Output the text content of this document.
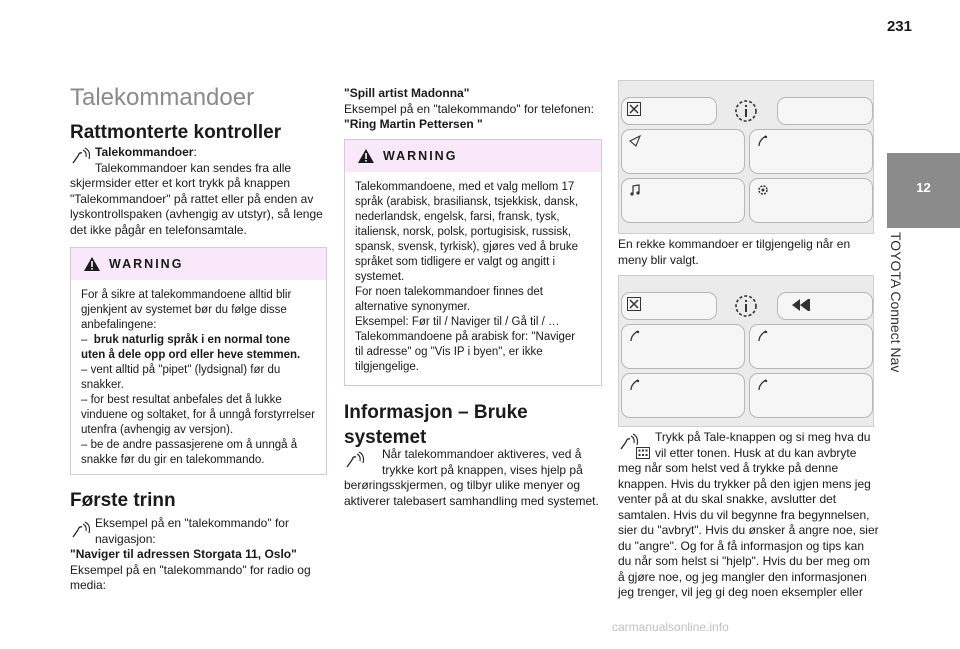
231
12
TOYOTA Connect Nav
Talekommandoer
Rattmonterte kontroller
Talekommandoer:
Talekommandoer kan sendes fra alle
skjermsider etter et kort trykk på knappen
"Talekommandoer" på rattet eller på enden av
lyskontrollspaken (avhengig av utstyr), så lenge
det ikke pågår en telefonsamtale.
WARNING
For å sikre at talekommandoene alltid blir
gjenkjent av systemet bør du følge disse
anbefalingene:
–  bruk naturlig språk i en normal tone
uten å dele opp ord eller heve stemmen.
– vent alltid på "pipet" (lydsignal) før du
snakker.
– for best resultat anbefales det å lukke
vinduene og soltaket, for å unngå forstyrrelser
utenfra (avhengig av versjon).
– be de andre passasjerene om å unngå å
snakke før du gir en talekommando.
Første trinn
Eksempel på en "talekommando" for
navigasjon:
"Naviger til adressen Storgata 11, Oslo"
Eksempel på en "talekommando" for radio og
media:
"Spill artist Madonna"
Eksempel på en "talekommando" for telefonen:
"Ring Martin Pettersen "
WARNING
Talekommandoene, med et valg mellom 17
språk (arabisk, brasiliansk, tsjekkisk, dansk,
nederlandsk, engelsk, farsi, fransk, tysk,
italiensk, norsk, polsk, portugisisk, russisk,
spansk, svensk, tyrkisk), gjøres ved å bruke
språket som tidligere er valgt og angitt i
systemet.
For noen talekommandoer finnes det
alternative synonymer.
Eksempel: Før til / Naviger til / Gå til / …
Talekommandoene på arabisk for: "Naviger
til adresse" og "Vis IP i byen", er ikke
tilgjengelige.
Informasjon – Bruke
systemet
Når talekommandoer aktiveres, ved å
trykke kort på knappen, vises hjelp på
berøringsskjermen, og tilbyr ulike menyer og
aktiverer talebasert samhandling med systemet.
En rekke kommandoer er tilgjengelig når en
meny blir valgt.
Trykk på Tale-knappen og si meg hva du
vil etter tonen. Husk at du kan avbryte
meg når som helst ved å trykke på denne
knappen. Hvis du trykker på den igjen mens jeg
venter på at du skal snakke, avslutter det
samtalen. Hvis du vil begynne fra begynnelsen,
sier du "avbryt". Hvis du ønsker å angre noe, sier
du "angre". Og for å få informasjon og tips kan
du når som helst si "hjelp". Hvis du ber meg om
å gjøre noe, og jeg mangler den informasjonen
jeg trenger, vil jeg gi deg noen eksempler eller
carmanualsonline.info
